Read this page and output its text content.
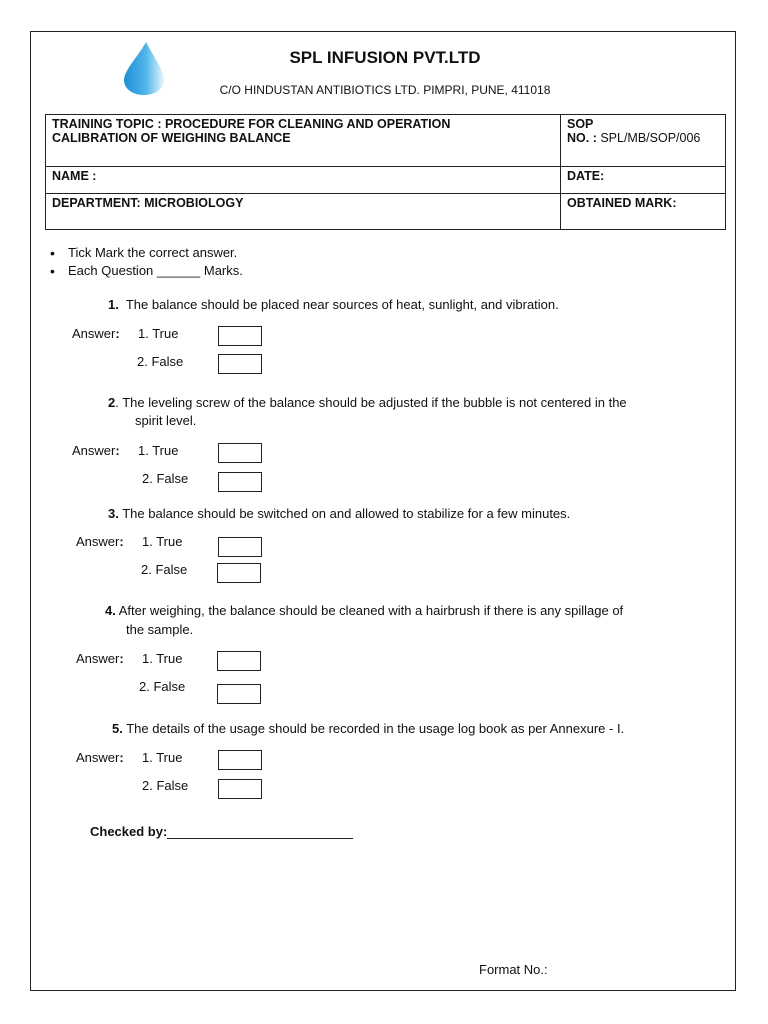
SPL INFUSION PVT.LTD
C/O HINDUSTAN ANTIBIOTICS LTD. PIMPRI, PUNE, 411018
TRAINING TOPIC : PROCEDURE FOR CLEANING AND OPERATION
CALIBRATION OF WEIGHING BALANCE	SOP
NO. : SPL/MB/SOP/006
NAME :	DATE:
DEPARTMENT: MICROBIOLOGY	OBTAINED MARK:
• Tick Mark the correct answer.
• Each Question ______ Marks.
1. The balance should be placed near sources of heat, sunlight, and vibration.
Answer: 1. True
2. False
2. The leveling screw of the balance should be adjusted if the bubble is not centered in the
spirit level.
Answer: 1. True
2. False
3. The balance should be switched on and allowed to stabilize for a few minutes.
Answer: 1. True
2. False
4. After weighing, the balance should be cleaned with a hairbrush if there is any spillage of
the sample.
Answer: 1. True
2. False
5. The details of the usage should be recorded in the usage log book as per Annexure - I.
Answer: 1. True
2. False
Checked by:
Format No.:
